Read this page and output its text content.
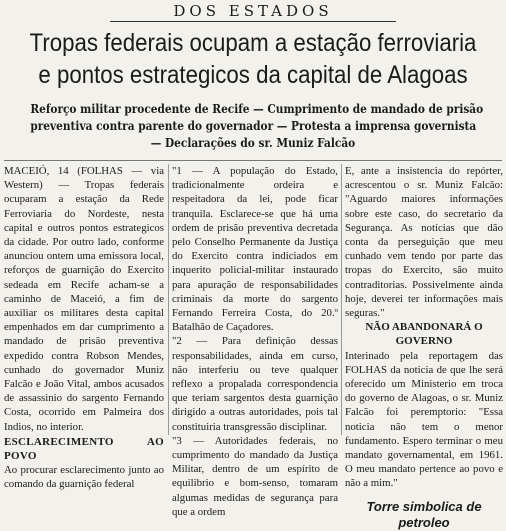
DOS ESTADOS
Tropas federais ocupam a estação ferroviaria
e pontos estrategicos da capital de Alagoas
Reforço militar procedente de Recife — Cumprimento de mandado de prisão
preventiva contra parente do governador — Protesta a imprensa governista
— Declarações do sr. Muniz Falcão

MACEIÓ, 14 (FOLHAS — via Western) — Tropas federais ocuparam a estação da Rede Ferroviaria do Nordeste, nesta capital e outros pontos estrategicos da cidade. Por outro lado, conforme anunciou ontem uma emissora local, reforços de guarnição do Exercito sedeada em Recife acham-se a caminho de Maceió, a fim de auxiliar os militares desta capital empenhados em dar cumprimento a mandado de prisão preventiva expedido contra Robson Mendes, cunhado do governador Muniz Falcão e João Vital, ambos acusados de assassinio do sargento Fernando Costa, ocorrido em Palmeira dos Indios, no interior.

ESCLARECIMENTO AO POVO

Ao procurar esclarecimento junto ao comando da guarnição federal

"1 — A população do Estado, tradicionalmente ordeira e respeitadora da lei, pode ficar tranquila. Esclarece-se que há uma ordem de prisão preventiva decretada pelo Conselho Permanente da Justiça do Exercito contra indiciados em inquerito policial-militar instaurado para apuração de responsabilidades criminais da morte do sargento Fernando Ferreira Costa, do 20.º Batalhão de Caçadores.

"2 — Para definição dessas responsabilidades, ainda em curso, não interferiu ou teve qualquer reflexo a propalada correspondencia que teriam sargentos desta guarnição dirigido a outras autoridades, pois tal constituiria transgressão disciplinar.

"3 — Autoridades federais, no cumprimento do mandado da Justiça Militar, dentro de um espírito de equilibrio e bom-senso, tomaram algumas medidas de segurança para que a ordem

E, ante a insistencia do repórter, acrescentou o sr. Muniz Falcão: "Aguardo maiores informações sobre este caso, do secretario da Segurança. As notícias que dão conta da perseguição que meu cunhado vem tendo por parte das tropas do Exercito, são muito contraditorias. Possivelmente ainda hoje, deverei ter informações mais seguras."

NÃO ABANDONARÁ O GOVERNO

Interinado pela reportagem das FOLHAS da noticia de que lhe será oferecido um Ministerio em troca do governo de Alagoas, o sr. Muniz Falcão foi peremptorio: "Essa noticia não tem o menor fundamento. Espero terminar o meu mandato governamental, em 1961. O meu mandato pertence ao povo e não a mim."

Torre simbolica de petroleo
